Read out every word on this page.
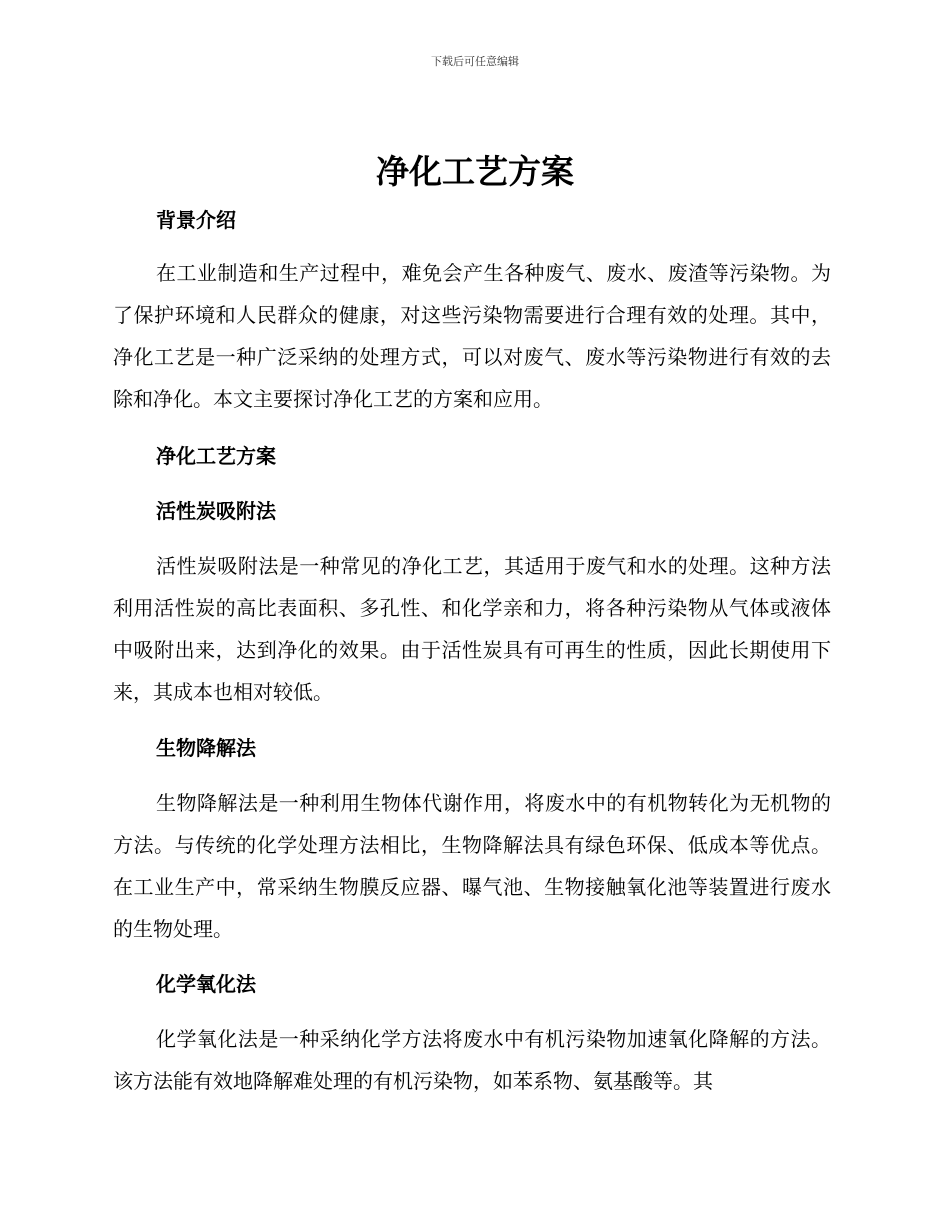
下载后可任意编辑
净化工艺方案
背景介绍
在工业制造和生产过程中，难免会产生各种废气、废水、废渣等污染物。为了保护环境和人民群众的健康，对这些污染物需要进行合理有效的处理。其中，净化工艺是一种广泛采纳的处理方式，可以对废气、废水等污染物进行有效的去除和净化。本文主要探讨净化工艺的方案和应用。
净化工艺方案
活性炭吸附法
活性炭吸附法是一种常见的净化工艺，其适用于废气和水的处理。这种方法利用活性炭的高比表面积、多孔性、和化学亲和力，将各种污染物从气体或液体中吸附出来，达到净化的效果。由于活性炭具有可再生的性质，因此长期使用下来，其成本也相对较低。
生物降解法
生物降解法是一种利用生物体代谢作用，将废水中的有机物转化为无机物的方法。与传统的化学处理方法相比，生物降解法具有绿色环保、低成本等优点。在工业生产中，常采纳生物膜反应器、曝气池、生物接触氧化池等装置进行废水的生物处理。
化学氧化法
化学氧化法是一种采纳化学方法将废水中有机污染物加速氧化降解的方法。该方法能有效地降解难处理的有机污染物，如苯系物、氨基酸等。其
